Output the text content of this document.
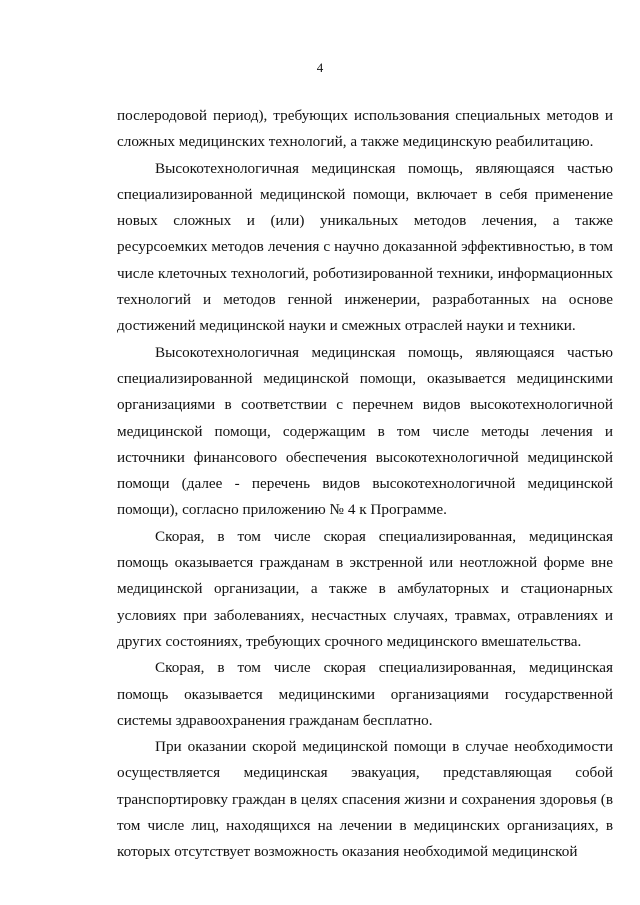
4

послеродовой период), требующих использования специальных методов и сложных медицинских технологий, а также медицинскую реабилитацию.

Высокотехнологичная медицинская помощь, являющаяся частью специализированной медицинской помощи, включает в себя применение новых сложных и (или) уникальных методов лечения, а также ресурсоемких методов лечения с научно доказанной эффективностью, в том числе клеточных технологий, роботизированной техники, информационных технологий и методов генной инженерии, разработанных на основе достижений медицинской науки и смежных отраслей науки и техники.

Высокотехнологичная медицинская помощь, являющаяся частью специализированной медицинской помощи, оказывается медицинскими организациями в соответствии с перечнем видов высокотехнологичной медицинской помощи, содержащим в том числе методы лечения и источники финансового обеспечения высокотехнологичной медицинской помощи (далее - перечень видов высокотехнологичной медицинской помощи), согласно приложению № 4 к Программе.

Скорая, в том числе скорая специализированная, медицинская помощь оказывается гражданам в экстренной или неотложной форме вне медицинской организации, а также в амбулаторных и стационарных условиях при заболеваниях, несчастных случаях, травмах, отравлениях и других состояниях, требующих срочного медицинского вмешательства.

Скорая, в том числе скорая специализированная, медицинская помощь оказывается медицинскими организациями государственной системы здравоохранения гражданам бесплатно.

При оказании скорой медицинской помощи в случае необходимости осуществляется медицинская эвакуация, представляющая собой транспортировку граждан в целях спасения жизни и сохранения здоровья (в том числе лиц, находящихся на лечении в медицинских организациях, в которых отсутствует возможность оказания необходимой медицинской
